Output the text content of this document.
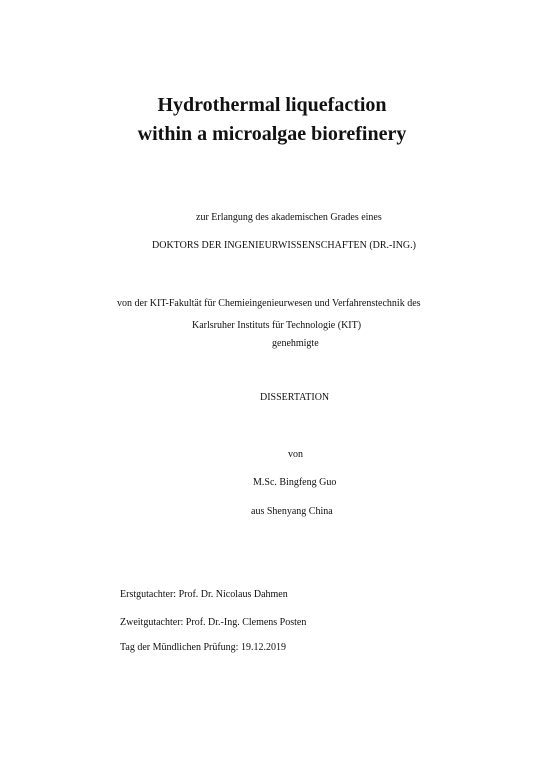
Hydrothermal liquefaction
within a microalgae biorefinery
zur Erlangung des akademischen Grades eines
DOKTORS DER INGENIEURWISSENSCHAFTEN (DR.-ING.)
von der KIT-Fakultät für Chemieingenieurwesen und Verfahrenstechnik des
Karlsruher Instituts für Technologie (KIT)
genehmigte
DISSERTATION
von
M.Sc. Bingfeng Guo
aus Shenyang China
Erstgutachter: Prof. Dr. Nicolaus Dahmen
Zweitgutachter: Prof. Dr.-Ing. Clemens Posten
Tag der Mündlichen Prüfung: 19.12.2019
